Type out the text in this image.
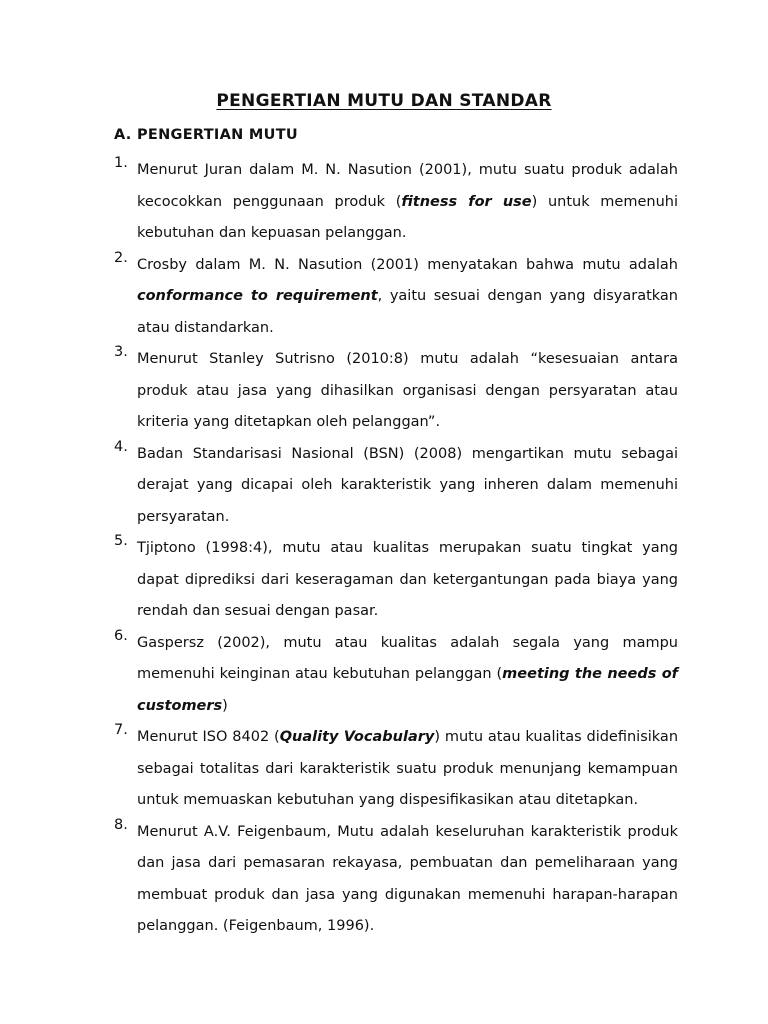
PENGERTIAN MUTU DAN STANDAR
A. PENGERTIAN MUTU
1. Menurut Juran dalam M. N. Nasution (2001), mutu suatu produk adalah kecocokkan penggunaan produk (fitness for use) untuk memenuhi kebutuhan dan kepuasan pelanggan.
2. Crosby dalam M. N. Nasution (2001) menyatakan bahwa mutu adalah conformance to requirement, yaitu sesuai dengan yang disyaratkan atau distandarkan.
3. Menurut Stanley Sutrisno (2010:8) mutu adalah “kesesuaian antara produk atau jasa yang dihasilkan organisasi dengan persyaratan atau kriteria yang ditetapkan oleh pelanggan”.
4. Badan Standarisasi Nasional (BSN) (2008) mengartikan mutu sebagai derajat yang dicapai oleh karakteristik yang inheren dalam memenuhi persyaratan.
5. Tjiptono (1998:4), mutu atau kualitas merupakan suatu tingkat yang dapat diprediksi dari keseragaman dan ketergantungan pada biaya yang rendah dan sesuai dengan pasar.
6. Gaspersz (2002), mutu atau kualitas adalah segala yang mampu memenuhi keinginan atau kebutuhan pelanggan (meeting the needs of customers)
7. Menurut ISO 8402 (Quality Vocabulary) mutu atau kualitas didefinisikan sebagai totalitas dari karakteristik suatu produk menunjang kemampuan untuk memuaskan kebutuhan yang dispesifikasikan atau ditetapkan.
8. Menurut A.V. Feigenbaum, Mutu adalah keseluruhan karakteristik produk dan jasa dari pemasaran rekayasa, pembuatan dan pemeliharaan yang membuat produk dan jasa yang digunakan memenuhi harapan-harapan pelanggan. (Feigenbaum, 1996).
